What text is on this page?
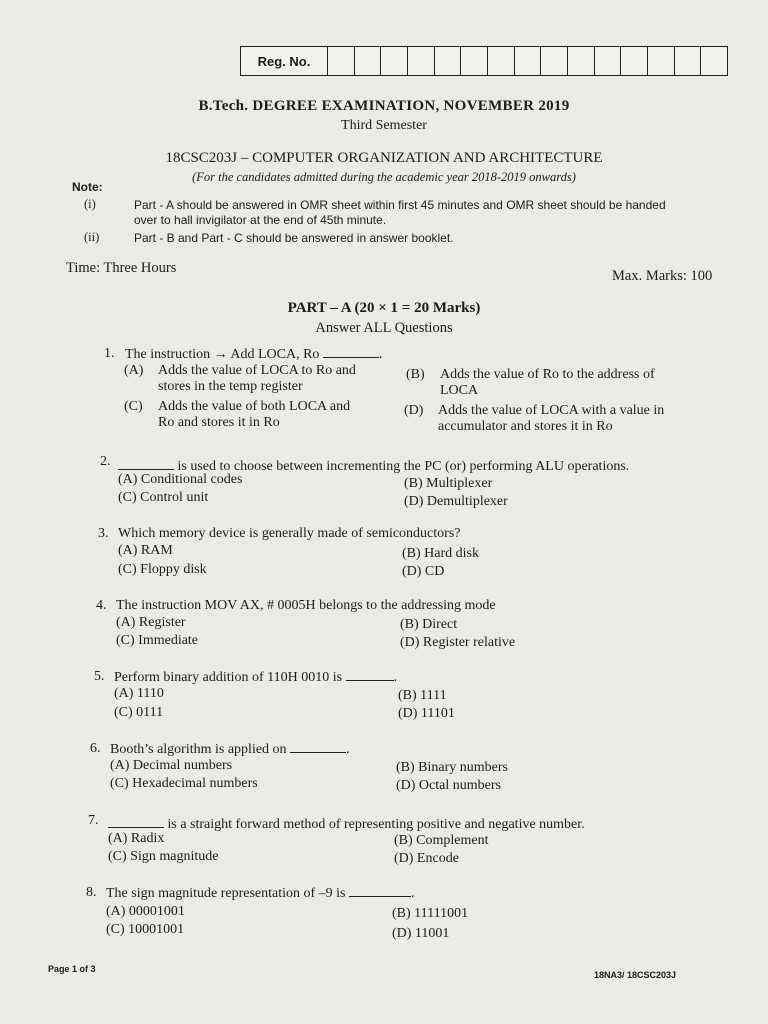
Reg. No.
B.Tech. DEGREE EXAMINATION, NOVEMBER 2019
Third Semester
18CSC203J – COMPUTER ORGANIZATION AND ARCHITECTURE
(For the candidates admitted during the academic year 2018-2019 onwards)
Note:
(i)	Part - A should be answered in OMR sheet within first 45 minutes and OMR sheet should be handed
over to hall invigilator at the end of 45th minute.
(ii)	Part - B and Part - C should be answered in answer booklet.
Time: Three Hours	Max. Marks: 100
PART – A (20 × 1 = 20 Marks)
Answer ALL Questions
1. The instruction → Add LOCA, Ro	.
(A) Adds the value of LOCA to Ro and
stores in the temp register
(B) Adds the value of Ro to the address of
LOCA
(C) Adds the value of both LOCA and
Ro and stores it in Ro
(D) Adds the value of LOCA with a value in
accumulator and stores it in Ro
2.	is used to choose between incrementing the PC (or) performing ALU operations.
(A) Conditional codes	(B) Multiplexer
(C) Control unit	(D) Demultiplexer
3. Which memory device is generally made of semiconductors?
(A) RAM	(B) Hard disk
(C) Floppy disk	(D) CD
4. The instruction MOV AX, # 0005H belongs to the addressing mode
(A) Register	(B) Direct
(C) Immediate	(D) Register relative
5. Perform binary addition of 110H 0010 is	.
(A) 1110	(B) 1111
(C) 0111	(D) 11101
6. Booth’s algorithm is applied on	.
(A) Decimal numbers	(B) Binary numbers
(C) Hexadecimal numbers	(D) Octal numbers
7.	is a straight forward method of representing positive and negative number.
(A) Radix	(B) Complement
(C) Sign magnitude	(D) Encode
8. The sign magnitude representation of –9 is	.
(A) 00001001	(B) 11111001
(C) 10001001	(D) 11001
Page 1 of 3
18NA3/ 18CSC203J
